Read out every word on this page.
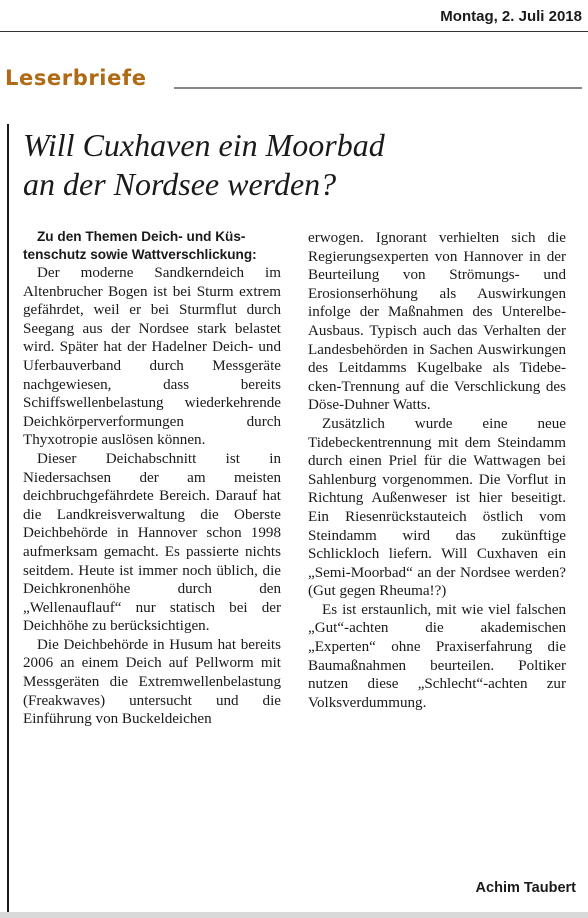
Montag, 2. Juli 2018
Leserbriefe
Will Cuxhaven ein Moorbad
an der Nordsee werden?

Zu den Themen Deich- und Küstenschutz sowie Wattverschlickung:

Der moderne Sandkerndeich im Altenbrucher Bogen ist bei Sturm extrem gefährdet, weil er bei Sturmflut durch Seegang aus der Nordsee stark belastet wird. Später hat der Hadelner Deich- und Uferbauverband durch Messgeräte nachgewiesen, dass bereits Schiffswellenbelastung wiederkehrende Deichkörperverformungen durch Thyxotropie auslösen können.

Dieser Deichabschnitt ist in Niedersachsen der am meisten deichbruchgefährdete Bereich. Darauf hat die Landkreisverwaltung die Oberste Deichbehörde in Hannover schon 1998 aufmerksam gemacht. Es passierte nichts seitdem. Heute ist immer noch üblich, die Deichkronenhöhe durch den „Wellenauflauf“ nur statisch bei der Deichhöhe zu berücksichtigen.

Die Deichbehörde in Husum hat bereits 2006 an einem Deich auf Pellworm mit Messgeräten die Extremwellenbelastung (Freakwaves) untersucht und die Einführung von Buckeldeichen

erwogen. Ignorant verhielten sich die Regierungsexperten von Hannover in der Beurteilung von Strömungs- und Erosionserhöhung als Auswirkungen infolge der Maßnahmen des Unterelbe-Ausbaus. Typisch auch das Verhalten der Landesbehörden in Sachen Auswirkungen des Leitdamms Kugelbake als Tidebecken-Trennung auf die Verschlickung des Döse-Duhner Watts.

Zusätzlich wurde eine neue Tidebeckentrennung mit dem Steindamm durch einen Priel für die Wattwagen bei Sahlenburg vorgenommen. Die Vorflut in Richtung Außenweser ist hier beseitigt. Ein Riesenrückstauteich östlich vom Steindamm wird das zukünftige Schlickloch liefern. Will Cuxhaven ein „Semi-Moorbad“ an der Nordsee werden? (Gut gegen Rheuma!?)

Es ist erstaunlich, mit wie viel falschen „Gut“-achten die akademischen „Experten“ ohne Praxiserfahrung die Baumaßnahmen beurteilen. Poltiker nutzen diese „Schlecht“-achten zur Volksverdummung.

Achim Taubert
